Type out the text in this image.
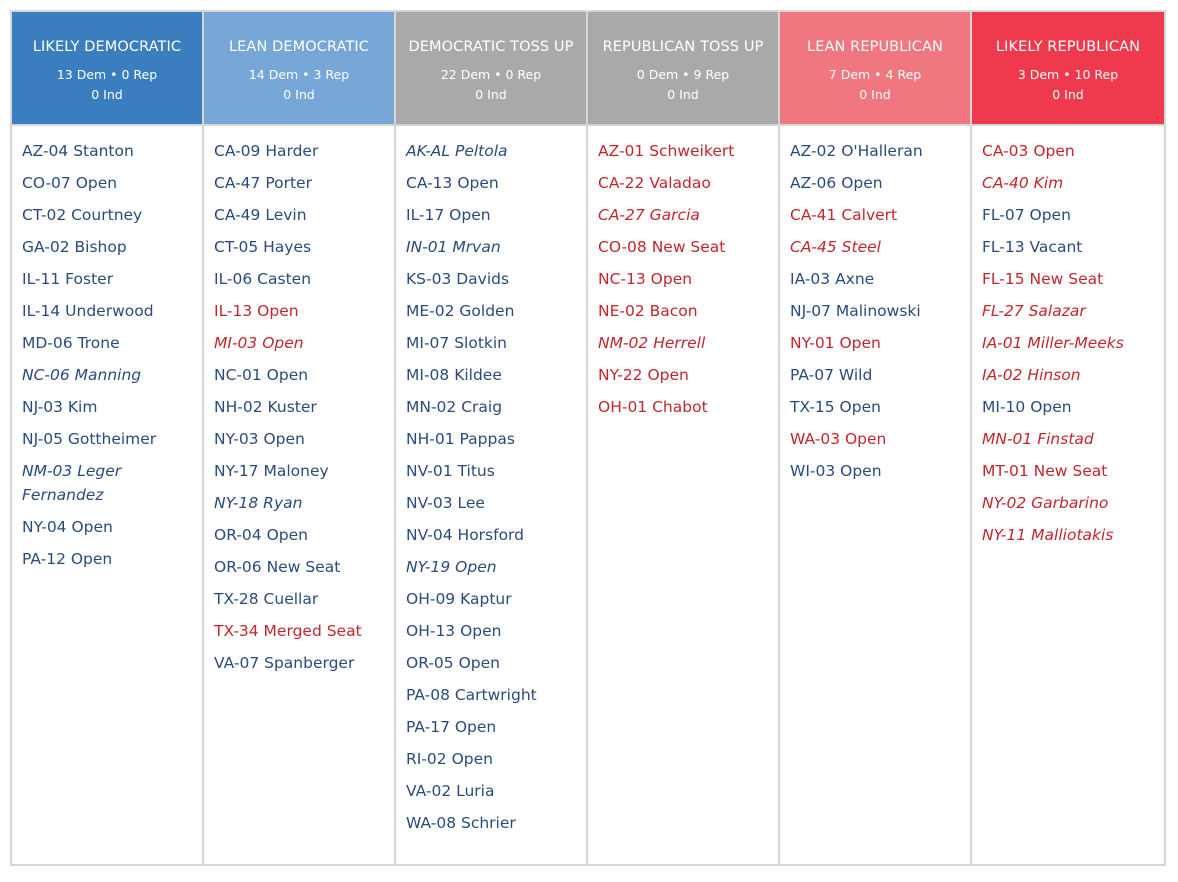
LIKELY DEMOCRATIC
13 Dem • 0 Rep
0 Ind
AZ-04 Stanton
CO-07 Open
CT-02 Courtney
GA-02 Bishop
IL-11 Foster
IL-14 Underwood
MD-06 Trone
NC-06 Manning
NJ-03 Kim
NJ-05 Gottheimer
NM-03 Leger Fernandez
NY-04 Open
PA-12 Open
LEAN DEMOCRATIC
14 Dem • 3 Rep
0 Ind
CA-09 Harder
CA-47 Porter
CA-49 Levin
CT-05 Hayes
IL-06 Casten
IL-13 Open
MI-03 Open
NC-01 Open
NH-02 Kuster
NY-03 Open
NY-17 Maloney
NY-18 Ryan
OR-04 Open
OR-06 New Seat
TX-28 Cuellar
TX-34 Merged Seat
VA-07 Spanberger
DEMOCRATIC TOSS UP
22 Dem • 0 Rep
0 Ind
AK-AL Peltola
CA-13 Open
IL-17 Open
IN-01 Mrvan
KS-03 Davids
ME-02 Golden
MI-07 Slotkin
MI-08 Kildee
MN-02 Craig
NH-01 Pappas
NV-01 Titus
NV-03 Lee
NV-04 Horsford
NY-19 Open
OH-09 Kaptur
OH-13 Open
OR-05 Open
PA-08 Cartwright
PA-17 Open
RI-02 Open
VA-02 Luria
WA-08 Schrier
REPUBLICAN TOSS UP
0 Dem • 9 Rep
0 Ind
AZ-01 Schweikert
CA-22 Valadao
CA-27 Garcia
CO-08 New Seat
NC-13 Open
NE-02 Bacon
NM-02 Herrell
NY-22 Open
OH-01 Chabot
LEAN REPUBLICAN
7 Dem • 4 Rep
0 Ind
AZ-02 O'Halleran
AZ-06 Open
CA-41 Calvert
CA-45 Steel
IA-03 Axne
NJ-07 Malinowski
NY-01 Open
PA-07 Wild
TX-15 Open
WA-03 Open
WI-03 Open
LIKELY REPUBLICAN
3 Dem • 10 Rep
0 Ind
CA-03 Open
CA-40 Kim
FL-07 Open
FL-13 Vacant
FL-15 New Seat
FL-27 Salazar
IA-01 Miller-Meeks
IA-02 Hinson
MI-10 Open
MN-01 Finstad
MT-01 New Seat
NY-02 Garbarino
NY-11 Malliotakis
